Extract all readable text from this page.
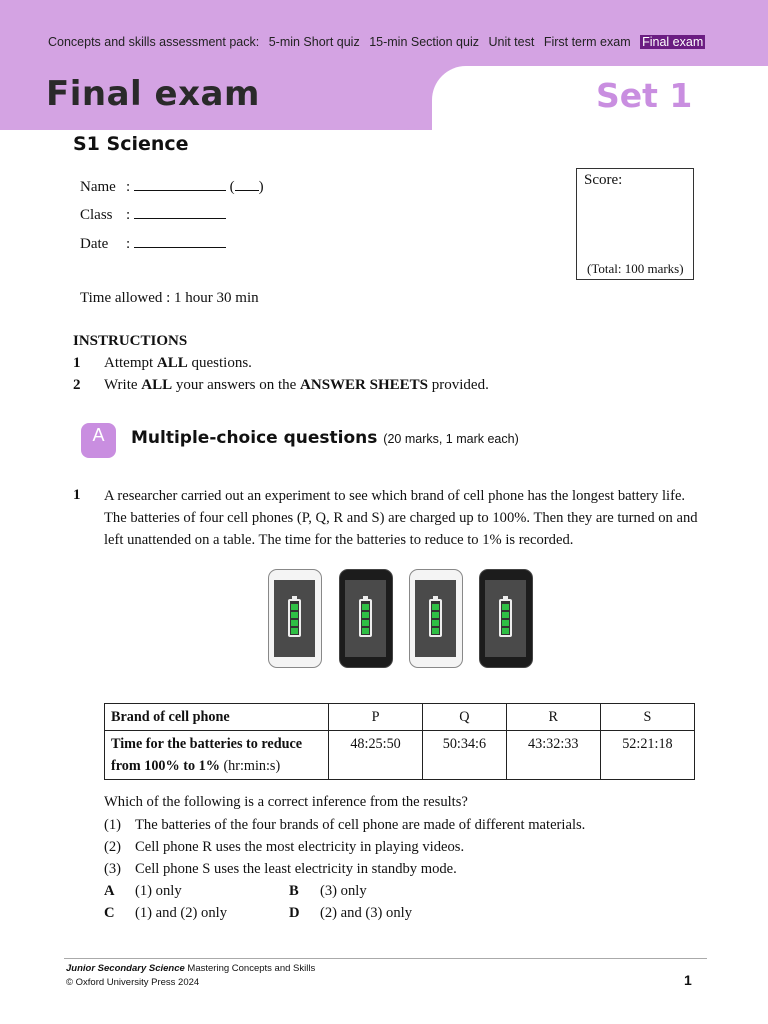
Concepts and skills assessment pack: 5-min Short quiz 15-min Section quiz Unit test First term exam Final exam
Final exam	Set 1
S1 Science
Name :	( )
Class :
Date :
Score:
(Total: 100 marks)
Time allowed : 1 hour 30 min
INSTRUCTIONS
1 Attempt ALL questions.
2 Write ALL your answers on the ANSWER SHEETS provided.
A	Multiple-choice questions (20 marks, 1 mark each)
1 A researcher carried out an experiment to see which brand of cell phone has the longest battery life. The batteries of four cell phones (P, Q, R and S) are charged up to 100%. Then they are turned on and left unattended on a table. The time for the batteries to reduce to 1% is recorded.
Brand of cell phone	P	Q	R	S
Time for the batteries to reduce from 100% to 1% (hr:min:s)	48:25:50	50:34:6	43:32:33	52:21:18
Which of the following is a correct inference from the results?
(1) The batteries of the four brands of cell phone are made of different materials.
(2) Cell phone R uses the most electricity in playing videos.
(3) Cell phone S uses the least electricity in standby mode.
A (1) only	B (3) only
C (1) and (2) only	D (2) and (3) only
Junior Secondary Science Mastering Concepts and Skills
© Oxford University Press 2024	1
